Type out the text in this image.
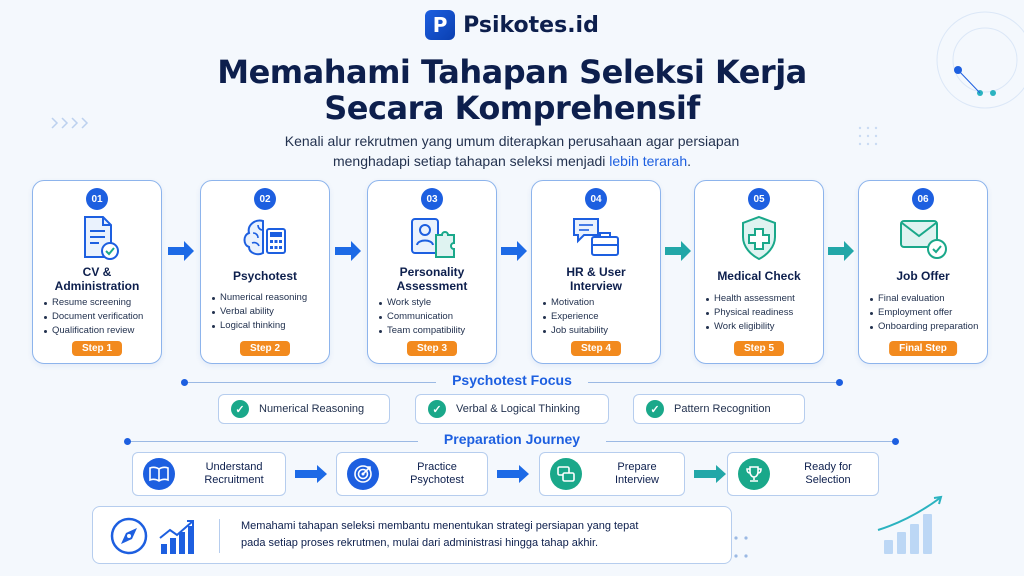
P Psikotes.id
Memahami Tahapan Seleksi Kerja
Secara Komprehensif
Kenali alur rekrutmen yang umum diterapkan perusahaan agar persiapan
menghadapi setiap tahapan seleksi menjadi lebih terarah.
01
CV &
Administration
Resume screening
Document verification
Qualification review
Step 1
02
Psychotest
Numerical reasoning
Verbal ability
Logical thinking
Step 2
03
Personality
Assessment
Work style
Communication
Team compatibility
Step 3
04
HR & User
Interview
Motivation
Experience
Job suitability
Step 4
05
Medical Check
Health assessment
Physical readiness
Work eligibility
Step 5
06
Job Offer
Final evaluation
Employment offer
Onboarding preparation
Final Step
Psychotest Focus
✓	Numerical Reasoning	✓	Verbal & Logical Thinking	✓	Pattern Recognition
Preparation Journey
Understand
Recruitment
Practice
Psychotest
Prepare
Interview
Ready for
Selection
Memahami tahapan seleksi membantu menentukan strategi persiapan yang tepat
pada setiap proses rekrutmen, mulai dari administrasi hingga tahap akhir.
